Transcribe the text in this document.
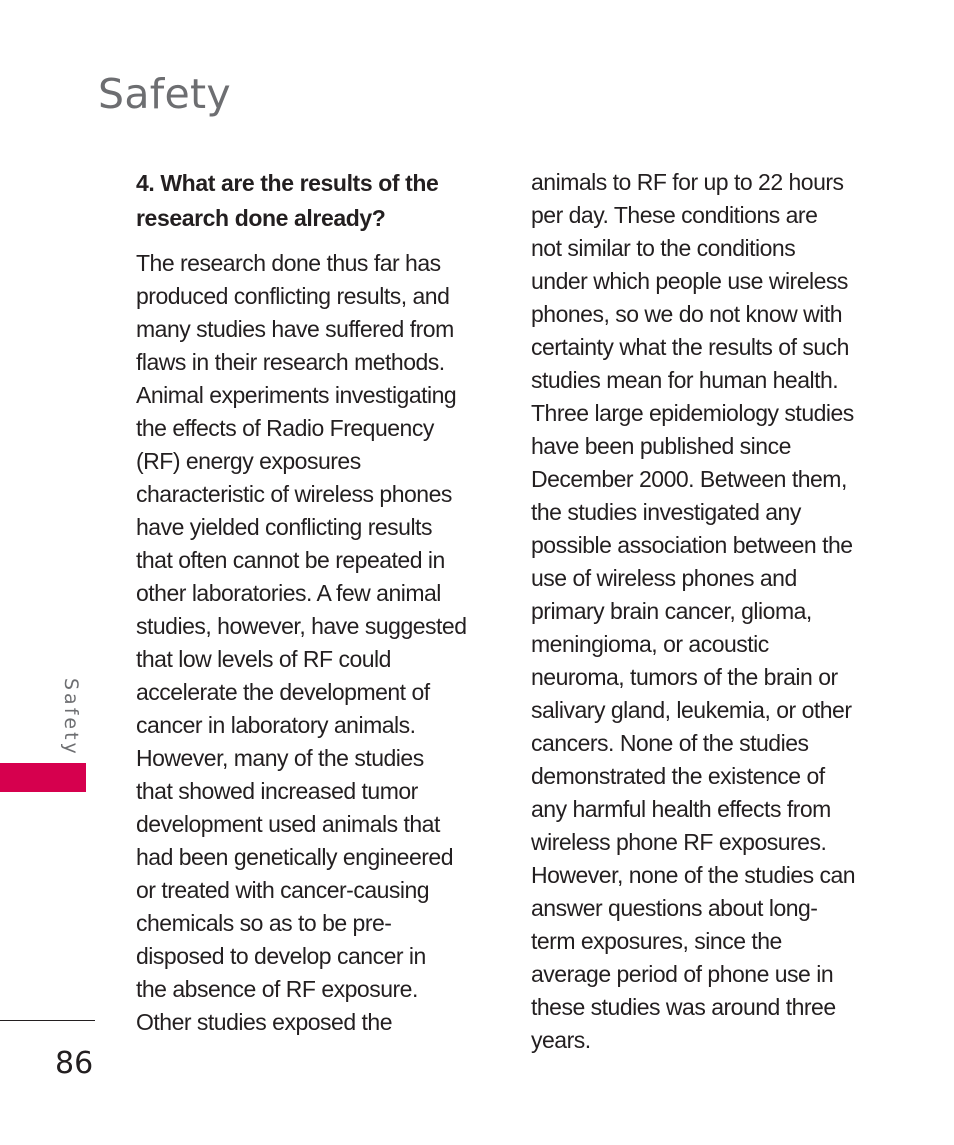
Safety
Safety
4. What are the results of the
research done already?
The research done thus far has
produced conflicting results, and
many studies have suffered from
flaws in their research methods.
Animal experiments investigating
the effects of Radio Frequency
(RF) energy exposures
characteristic of wireless phones
have yielded conflicting results
that often cannot be repeated in
other laboratories. A few animal
studies, however, have suggested
that low levels of RF could
accelerate the development of
cancer in laboratory animals.
However, many of the studies
that showed increased tumor
development used animals that
had been genetically engineered
or treated with cancer-causing
chemicals so as to be pre-
disposed to develop cancer in
the absence of RF exposure.
Other studies exposed the
animals to RF for up to 22 hours
per day. These conditions are
not similar to the conditions
under which people use wireless
phones, so we do not know with
certainty what the results of such
studies mean for human health.
Three large epidemiology studies
have been published since
December 2000. Between them,
the studies investigated any
possible association between the
use of wireless phones and
primary brain cancer, glioma,
meningioma, or acoustic
neuroma, tumors of the brain or
salivary gland, leukemia, or other
cancers. None of the studies
demonstrated the existence of
any harmful health effects from
wireless phone RF exposures.
However, none of the studies can
answer questions about long-
term exposures, since the
average period of phone use in
these studies was around three
years.
86
